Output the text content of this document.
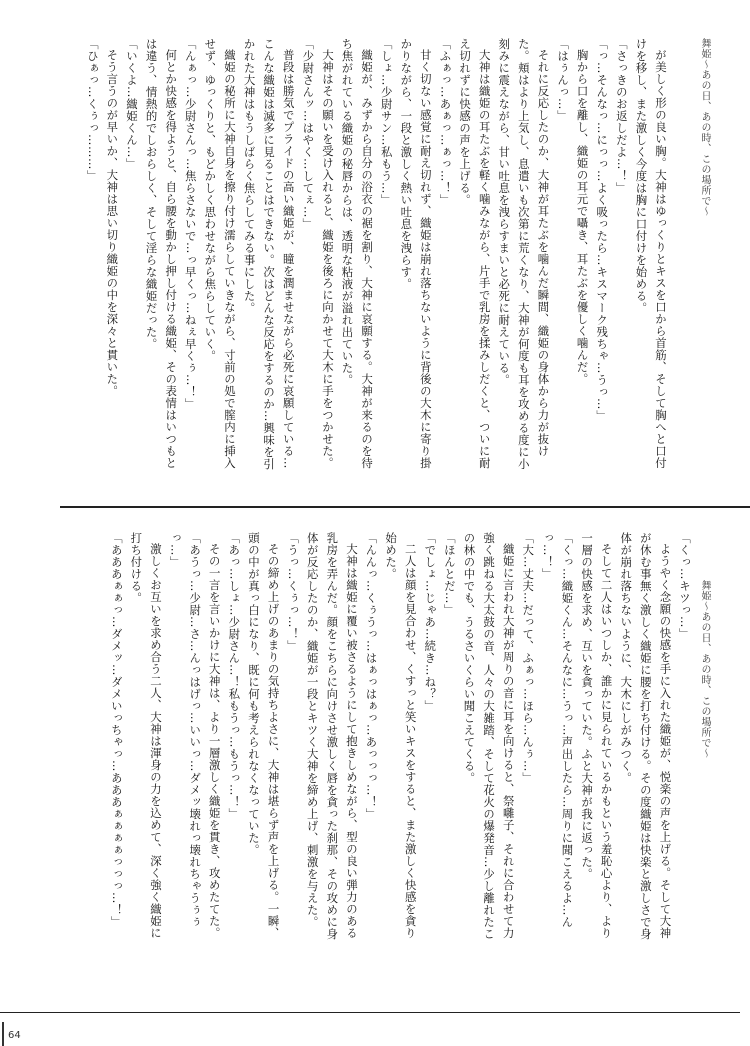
舞姫～あの日、あの時、この場所で～

が美しく形の良い胸。大神はゆっくりとキスを口から首筋、そして胸へと口付けを移し、また激しく今度は胸に口付けを始める。

「さっきのお返しだよ…！」

「っ…そんなっ…にっっ…よく吸ったら…キスマーク残ちゃ…うっ…」

胸から口を離し、織姫の耳元で囁き、耳たぶを優しく噛んだ。

「はぅんっ…」

それに反応したのか、大神が耳たぶを噛んだ瞬間、織姫の身体から力が抜けた。頬はより上気し、息遣いも次第に荒くなり、大神が何度も耳を攻める度に小刻みに震えながら、甘い吐息を洩らすまいと必死に耐えている。

大神は織姫の耳たぶを軽く噛みながら、片手で乳房を揉みしだくと、ついに耐え切れずに快感の声を上げる。

「ふぁっ…あぁっ…ぁっ…！」

甘く切ない感覚に耐え切れず、織姫は崩れ落ちないように背後の大木に寄り掛かりながら、一段と激しく熱い吐息を洩らす。

「しょ…少尉サン…私もう…」

織姫が、みずから自分の浴衣の裾を割り、大神に哀願する。大神が来るのを待ち焦がれている織姫の秘唇からは、透明な粘液が溢れ出ていた。

大神はその願いを受け入れると、織姫を後ろに向かせて大木に手をつかせた。

「少尉さんッ…はやく…してぇ…」

普段は勝気でプライドの高い織姫が、瞳を潤ませながら必死に哀願している…こんな織姫は滅多に見ることはできない。次はどんな反応をするのか…興味を引かれた大神はもうしばらく焦らしてみる事にした。

織姫の秘所に大神自身を擦り付け濡らしていきながら、寸前の処で膣内に挿入せず、ゆっくりと、もどかしく思わせながら焦らしていく。

「んぁっ…少尉さんっ…焦らさないで…っ早くっ…ねぇ早くぅ…！」

何とか快感を得ようと、自ら腰を動かし押し付ける織姫、その表情はいつもとは違う、情熱的でしおらしく、そして淫らな織姫だった。

「いくよ…織姫くん…」

そう言うのが早いか、大神は思い切り織姫の中を深々と貫いた。

「ひぁっ…くぅっ………」

舞姫～あの日、あの時、この場所で～

「くっ…キツっ…」

ようやく念願の快感を手に入れた織姫が、悦楽の声を上げる。そして大神が休む事無く激しく織姫に腰を打ち付ける。その度織姫は快楽と激しさで身体が崩れ落ちないように、大木にしがみつく。

そして二人はいつしか、誰かに見られているかもという羞恥心より、より一層の快感を求め、互いを貪っていた。ふと大神が我に返った。

「くっ…織姫くん…そんなに…うっ…声出したら…周りに聞こえるよ…んっ…！」

「大…丈夫…だって、ふぁっ…ほら…んぅ…」

織姫に言われ大神が周りの音に耳を向けると、祭囃子、それに合わせて力強く跳ねる大太鼓の音、人々の大雑踏、そして花火の爆発音…少し離れたこの林の中でも、うるさいくらい聞こえてくる。

「ほんとだ…」

「でしょ…じゃあ…続き…ね？」

二人は顔を見合わせ、くすっと笑いキスをすると、また激しく快感を貪り始めた。

「んんっ…くぅうっ…はぁっはぁっ…あっっっ…！」

大神は織姫に覆い被さるようにして抱きしめながら、型の良い弾力のある乳房を弄んだ。顔をこちらに向けさせ激しく唇を貪った刹那、その攻めに身体が反応したのか、織姫が一段とキツく大神を締め上げ、刺激を与えた。

「うっ…くぅっ…！」

その締め上げのあまりの気持ちよさに、大神は堪らず声を上げる。一瞬、頭の中が真っ白になり、既に何も考えられなくなっていた。

「あっ…しょ…少尉さん…！私もうっ…もうっ…！」

その一言を言いかけに大神は、より一層激しく織姫を貫き、攻めたてた。

「あうっ…少尉…さ…んっはげっ…いいっ…ダメッ壊れっ壊れちゃうぅぅっ…」

激しくお互いを求め合う二人、大神は渾身の力を込めて、深く強く織姫に打ち付ける。

「あああぁぁっ…ダメッ…ダメいっちゃっ…あああぁぁぁぁっっっ…！」

64
